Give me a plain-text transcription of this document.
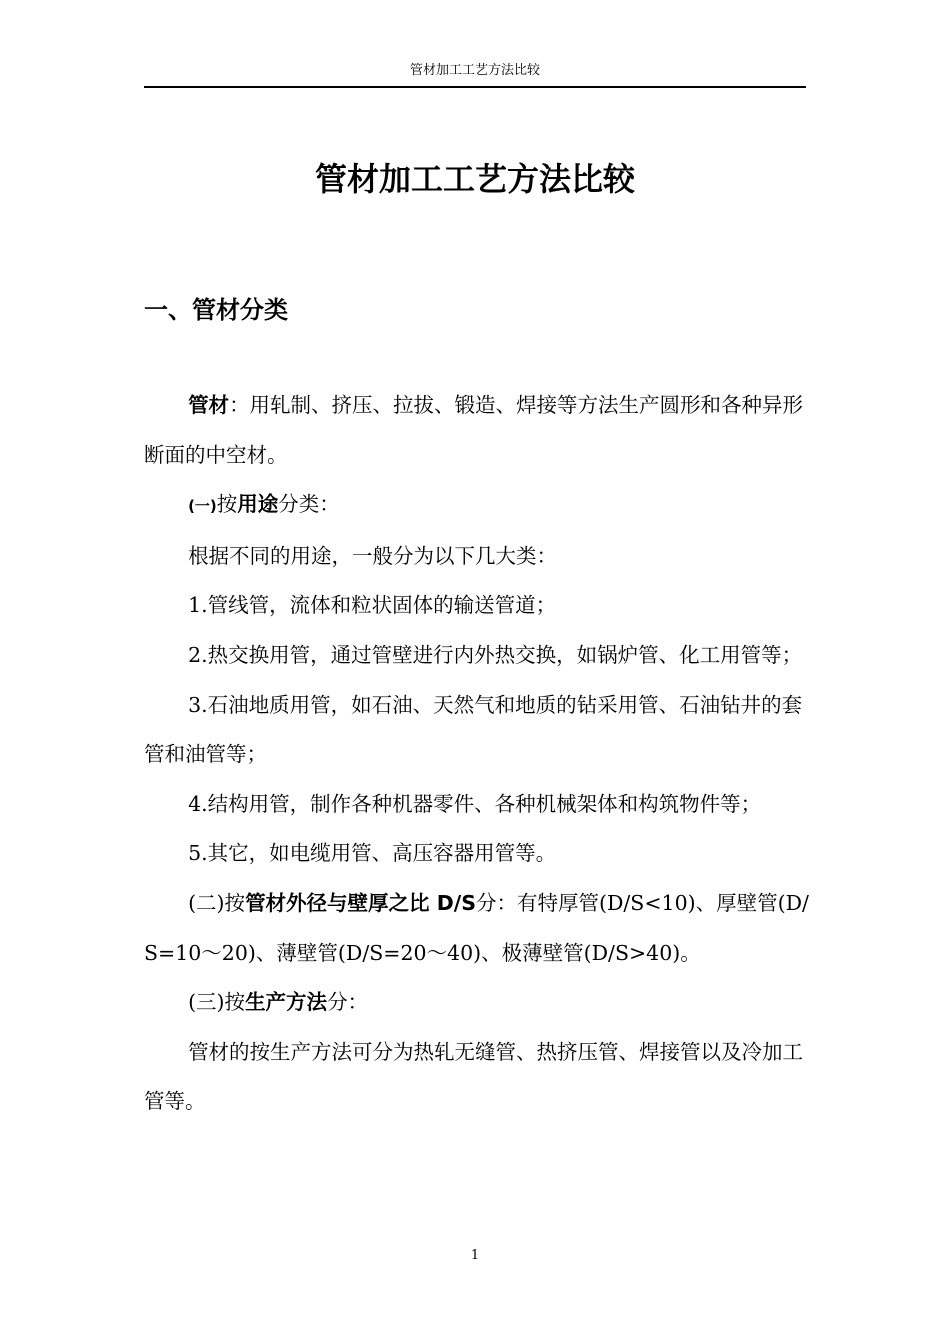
管材加工工艺方法比较
管材加工工艺方法比较
一、管材分类

管材：用轧制、挤压、拉拔、锻造、焊接等方法生产圆形和各种异形断面的中空材。

(一)按用途分类：

根据不同的用途，一般分为以下几大类：

1.管线管，流体和粒状固体的输送管道；

2.热交换用管，通过管壁进行内外热交换，如锅炉管、化工用管等；

3.石油地质用管，如石油、天然气和地质的钻采用管、石油钻井的套管和油管等；

4.结构用管，制作各种机器零件、各种机械架体和构筑物件等；

5.其它，如电缆用管、高压容器用管等。

(二)按管材外径与壁厚之比 D/S分：有特厚管(D/S<10)、厚壁管(D/S=10～20)、薄壁管(D/S=20～40)、极薄壁管(D/S>40)。

(三)按生产方法分：

管材的按生产方法可分为热轧无缝管、热挤压管、焊接管以及冷加工管等。

1
